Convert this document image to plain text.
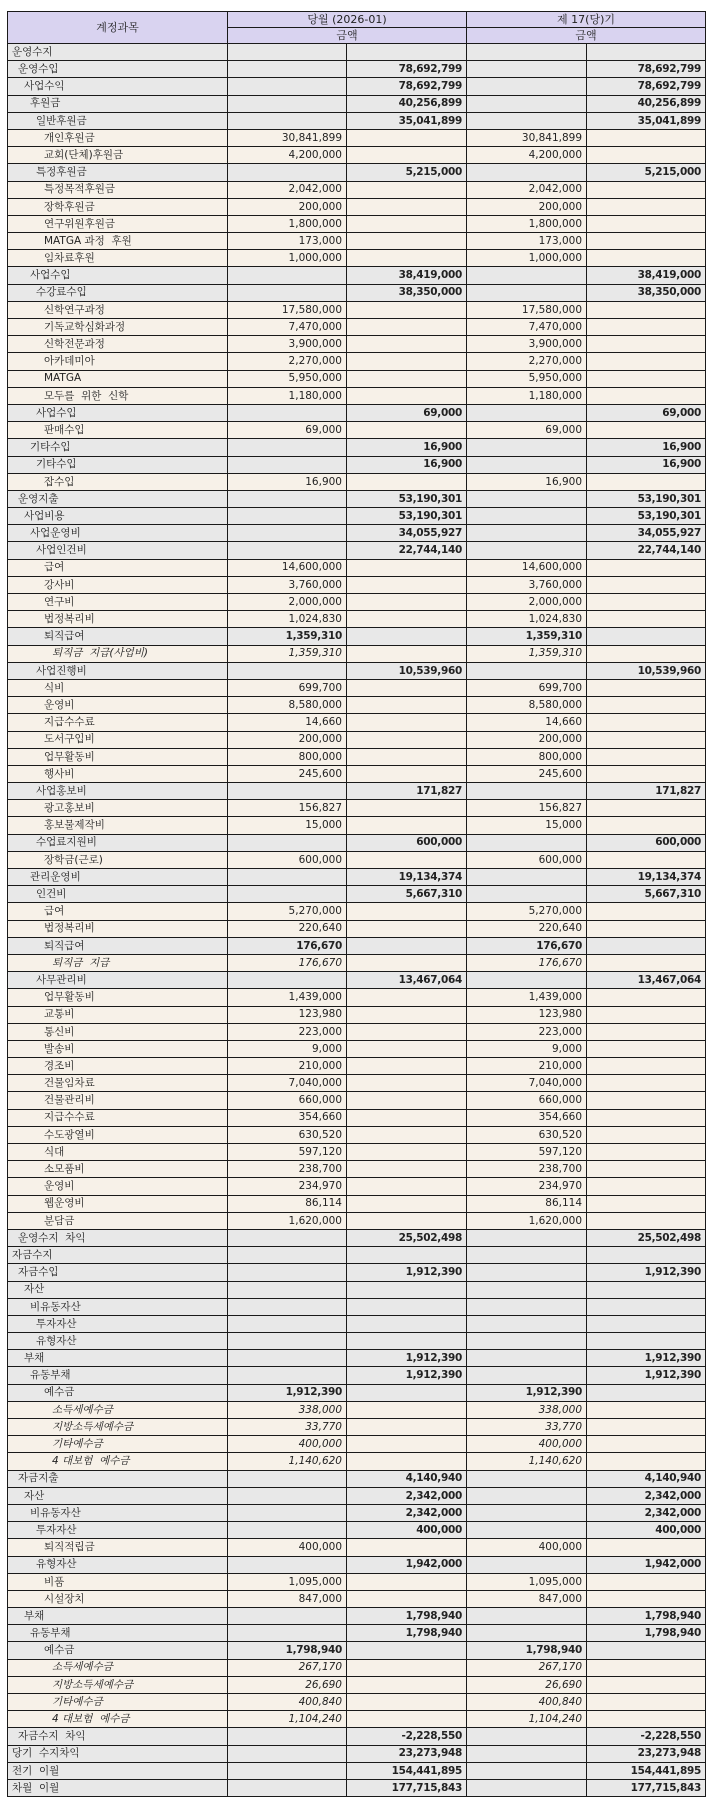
계정과목	당월 (2026-01)		제 17(당)기	
	금액		금액	
운영수지				
운영수입		78,692,799		78,692,799
사업수익		78,692,799		78,692,799
후원금		40,256,899		40,256,899
일반후원금		35,041,899		35,041,899
개인후원금	30,841,899		30,841,899	
교회(단체)후원금	4,200,000		4,200,000	
특정후원금		5,215,000		5,215,000
특정목적후원금	2,042,000		2,042,000	
장학후원금	200,000		200,000	
연구위원후원금	1,800,000		1,800,000	
MATGA 과정  후원	173,000		173,000	
임차료후원	1,000,000		1,000,000	
사업수입		38,419,000		38,419,000
수강료수입		38,350,000		38,350,000
신학연구과정	17,580,000		17,580,000	
기독교학심화과정	7,470,000		7,470,000	
신학전문과정	3,900,000		3,900,000	
아카데미아	2,270,000		2,270,000	
MATGA	5,950,000		5,950,000	
모두를  위한  신학	1,180,000		1,180,000	
사업수입		69,000		69,000
판매수입	69,000		69,000	
기타수입		16,900		16,900
기타수입		16,900		16,900
잡수입	16,900		16,900	
운영지출		53,190,301		53,190,301
사업비용		53,190,301		53,190,301
사업운영비		34,055,927		34,055,927
사업인건비		22,744,140		22,744,140
급여	14,600,000		14,600,000	
강사비	3,760,000		3,760,000	
연구비	2,000,000		2,000,000	
법정복리비	1,024,830		1,024,830	
퇴직급여	1,359,310		1,359,310	
퇴직금  지급(사업비)	1,359,310		1,359,310	
사업진행비		10,539,960		10,539,960
식비	699,700		699,700	
운영비	8,580,000		8,580,000	
지급수수료	14,660		14,660	
도서구입비	200,000		200,000	
업무활동비	800,000		800,000	
행사비	245,600		245,600	
사업홍보비		171,827		171,827
광고홍보비	156,827		156,827	
홍보물제작비	15,000		15,000	
수업료지원비		600,000		600,000
장학금(근로)	600,000		600,000	
관리운영비		19,134,374		19,134,374
인건비		5,667,310		5,667,310
급여	5,270,000		5,270,000	
법정복리비	220,640		220,640	
퇴직급여	176,670		176,670	
퇴직금  지급	176,670		176,670	
사무관리비		13,467,064		13,467,064
업무활동비	1,439,000		1,439,000	
교통비	123,980		123,980	
통신비	223,000		223,000	
발송비	9,000		9,000	
경조비	210,000		210,000	
건물임차료	7,040,000		7,040,000	
건물관리비	660,000		660,000	
지급수수료	354,660		354,660	
수도광열비	630,520		630,520	
식대	597,120		597,120	
소모품비	238,700		238,700	
운영비	234,970		234,970	
웹운영비	86,114		86,114	
분담금	1,620,000		1,620,000	
운영수지  차익		25,502,498		25,502,498
자금수지				
자금수입		1,912,390		1,912,390
자산				
비유동자산				
투자자산				
유형자산				
부채		1,912,390		1,912,390
유동부채		1,912,390		1,912,390
예수금	1,912,390		1,912,390	
소득세예수금	338,000		338,000	
지방소득세예수금	33,770		33,770	
기타예수금	400,000		400,000	
4 대보험  예수금	1,140,620		1,140,620	
자금지출		4,140,940		4,140,940
자산		2,342,000		2,342,000
비유동자산		2,342,000		2,342,000
투자자산		400,000		400,000
퇴직적립금	400,000		400,000	
유형자산		1,942,000		1,942,000
비품	1,095,000		1,095,000	
시설장치	847,000		847,000	
부채		1,798,940		1,798,940
유동부채		1,798,940		1,798,940
예수금	1,798,940		1,798,940	
소득세예수금	267,170		267,170	
지방소득세예수금	26,690		26,690	
기타예수금	400,840		400,840	
4 대보험  예수금	1,104,240		1,104,240	
자금수지  차익		-2,228,550		-2,228,550
당기  수지차익		23,273,948		23,273,948
전기  이월		154,441,895		154,441,895
차월  이월		177,715,843		177,715,843
